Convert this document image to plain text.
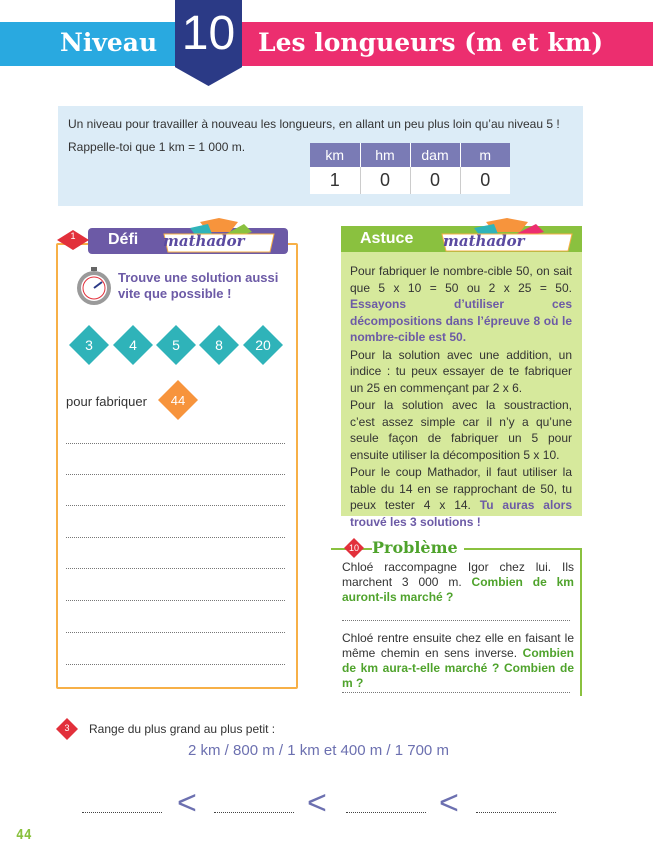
Niveau 10 Les longueurs (m et km)
Un niveau pour travailler à nouveau les longueurs, en allant un peu plus loin qu’au niveau 5 !
Rappelle-toi que 1 km = 1 000 m.	km	hm	dam	m
1	0	0	0
Défi mathador
1
Trouve une solution aussi vite que possible !
3	4	5	8	20
pour fabriquer	44
Astuce mathador

Pour fabriquer le nombre-cible 50, on sait que 5 x 10 = 50 ou 2 x 25 = 50. Essayons d’utiliser ces décompositions dans l’épreuve 8 où le nombre-cible est 50.

Pour la solution avec une addition, un indice : tu peux essayer de te fabriquer un 25 en commençant par 2 x 6.

Pour la solution avec la soustraction, c’est assez simple car il n’y a qu’une seule façon de fabriquer un 5 pour ensuite utiliser la décomposition 5 x 10.

Pour le coup Mathador, il faut utiliser la table du 14 en se rapprochant de 50, tu peux tester 4 x 14. Tu auras alors trouvé les 3 solutions !

10 Problème
Chloé raccompagne Igor chez lui. Ils marchent 3 000 m. Combien de km auront-ils marché ?
Chloé rentre ensuite chez elle en faisant le même chemin en sens inverse. Combien de km aura-t-elle marché ? Combien de m ?
3	Range du plus grand au plus petit :
2 km / 800 m / 1 km et 400 m / 1 700 m
<	<	<
44
